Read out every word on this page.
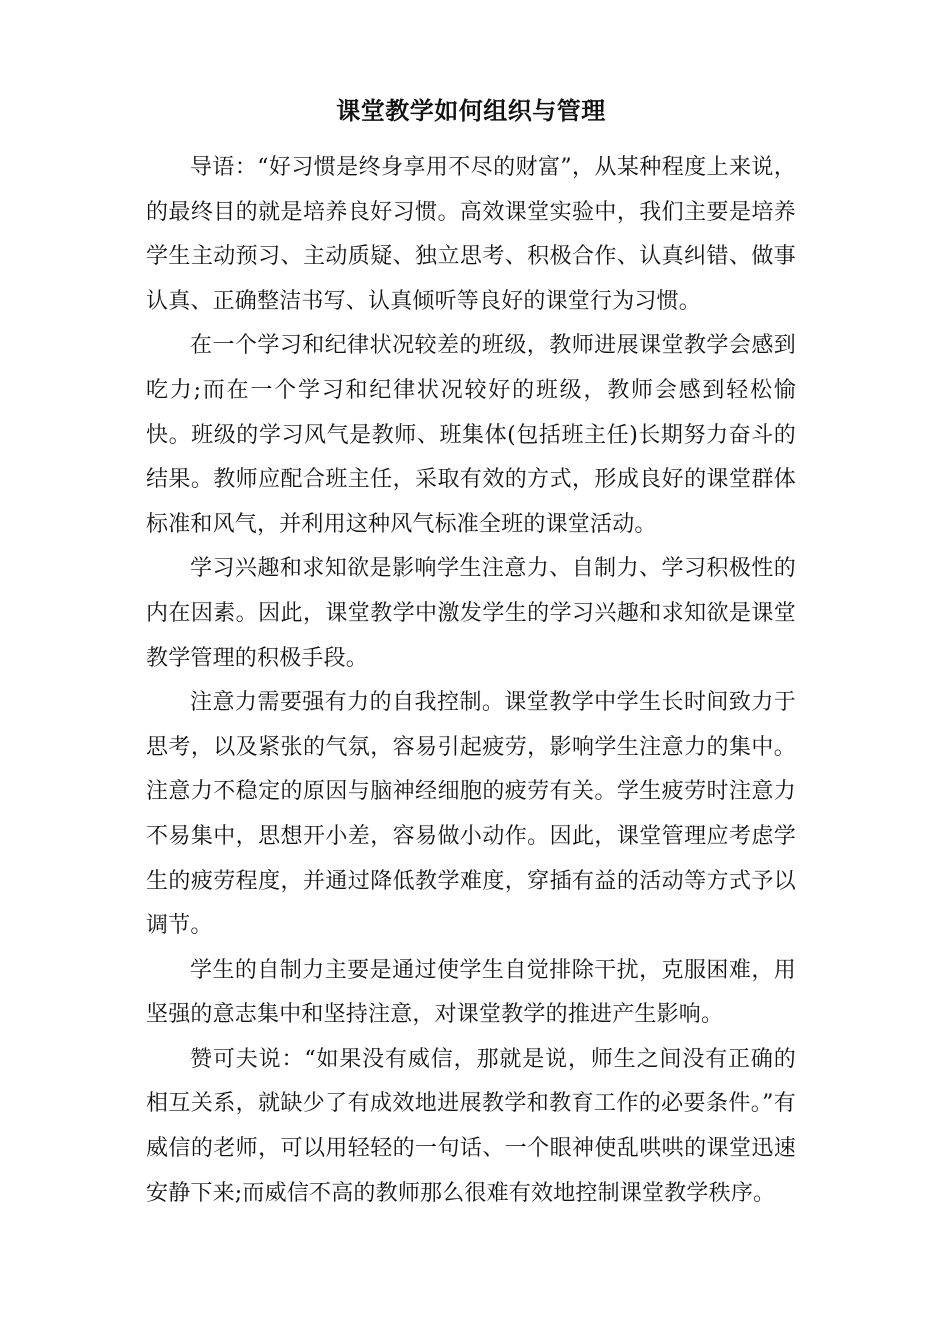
课堂教学如何组织与管理

导语：“好习惯是终身享用不尽的财富”，从某种程度上来说，的最终目的就是培养良好习惯。高效课堂实验中，我们主要是培养学生主动预习、主动质疑、独立思考、积极合作、认真纠错、做事认真、正确整洁书写、认真倾听等良好的课堂行为习惯。

在一个学习和纪律状况较差的班级，教师进展课堂教学会感到吃力;而在一个学习和纪律状况较好的班级，教师会感到轻松愉快。班级的学习风气是教师、班集体(包括班主任)长期努力奋斗的结果。教师应配合班主任，采取有效的方式，形成良好的课堂群体标准和风气，并利用这种风气标准全班的课堂活动。

学习兴趣和求知欲是影响学生注意力、自制力、学习积极性的内在因素。因此，课堂教学中激发学生的学习兴趣和求知欲是课堂教学管理的积极手段。

注意力需要强有力的自我控制。课堂教学中学生长时间致力于思考，以及紧张的气氛，容易引起疲劳，影响学生注意力的集中。注意力不稳定的原因与脑神经细胞的疲劳有关。学生疲劳时注意力不易集中，思想开小差，容易做小动作。因此，课堂管理应考虑学生的疲劳程度，并通过降低教学难度，穿插有益的活动等方式予以调节。

学生的自制力主要是通过使学生自觉排除干扰，克服困难，用坚强的意志集中和坚持注意，对课堂教学的推进产生影响。

赞可夫说：“如果没有威信，那就是说，师生之间没有正确的相互关系，就缺少了有成效地进展教学和教育工作的必要条件。”有威信的老师，可以用轻轻的一句话、一个眼神使乱哄哄的课堂迅速安静下来;而威信不高的教师那么很难有效地控制课堂教学秩序。
